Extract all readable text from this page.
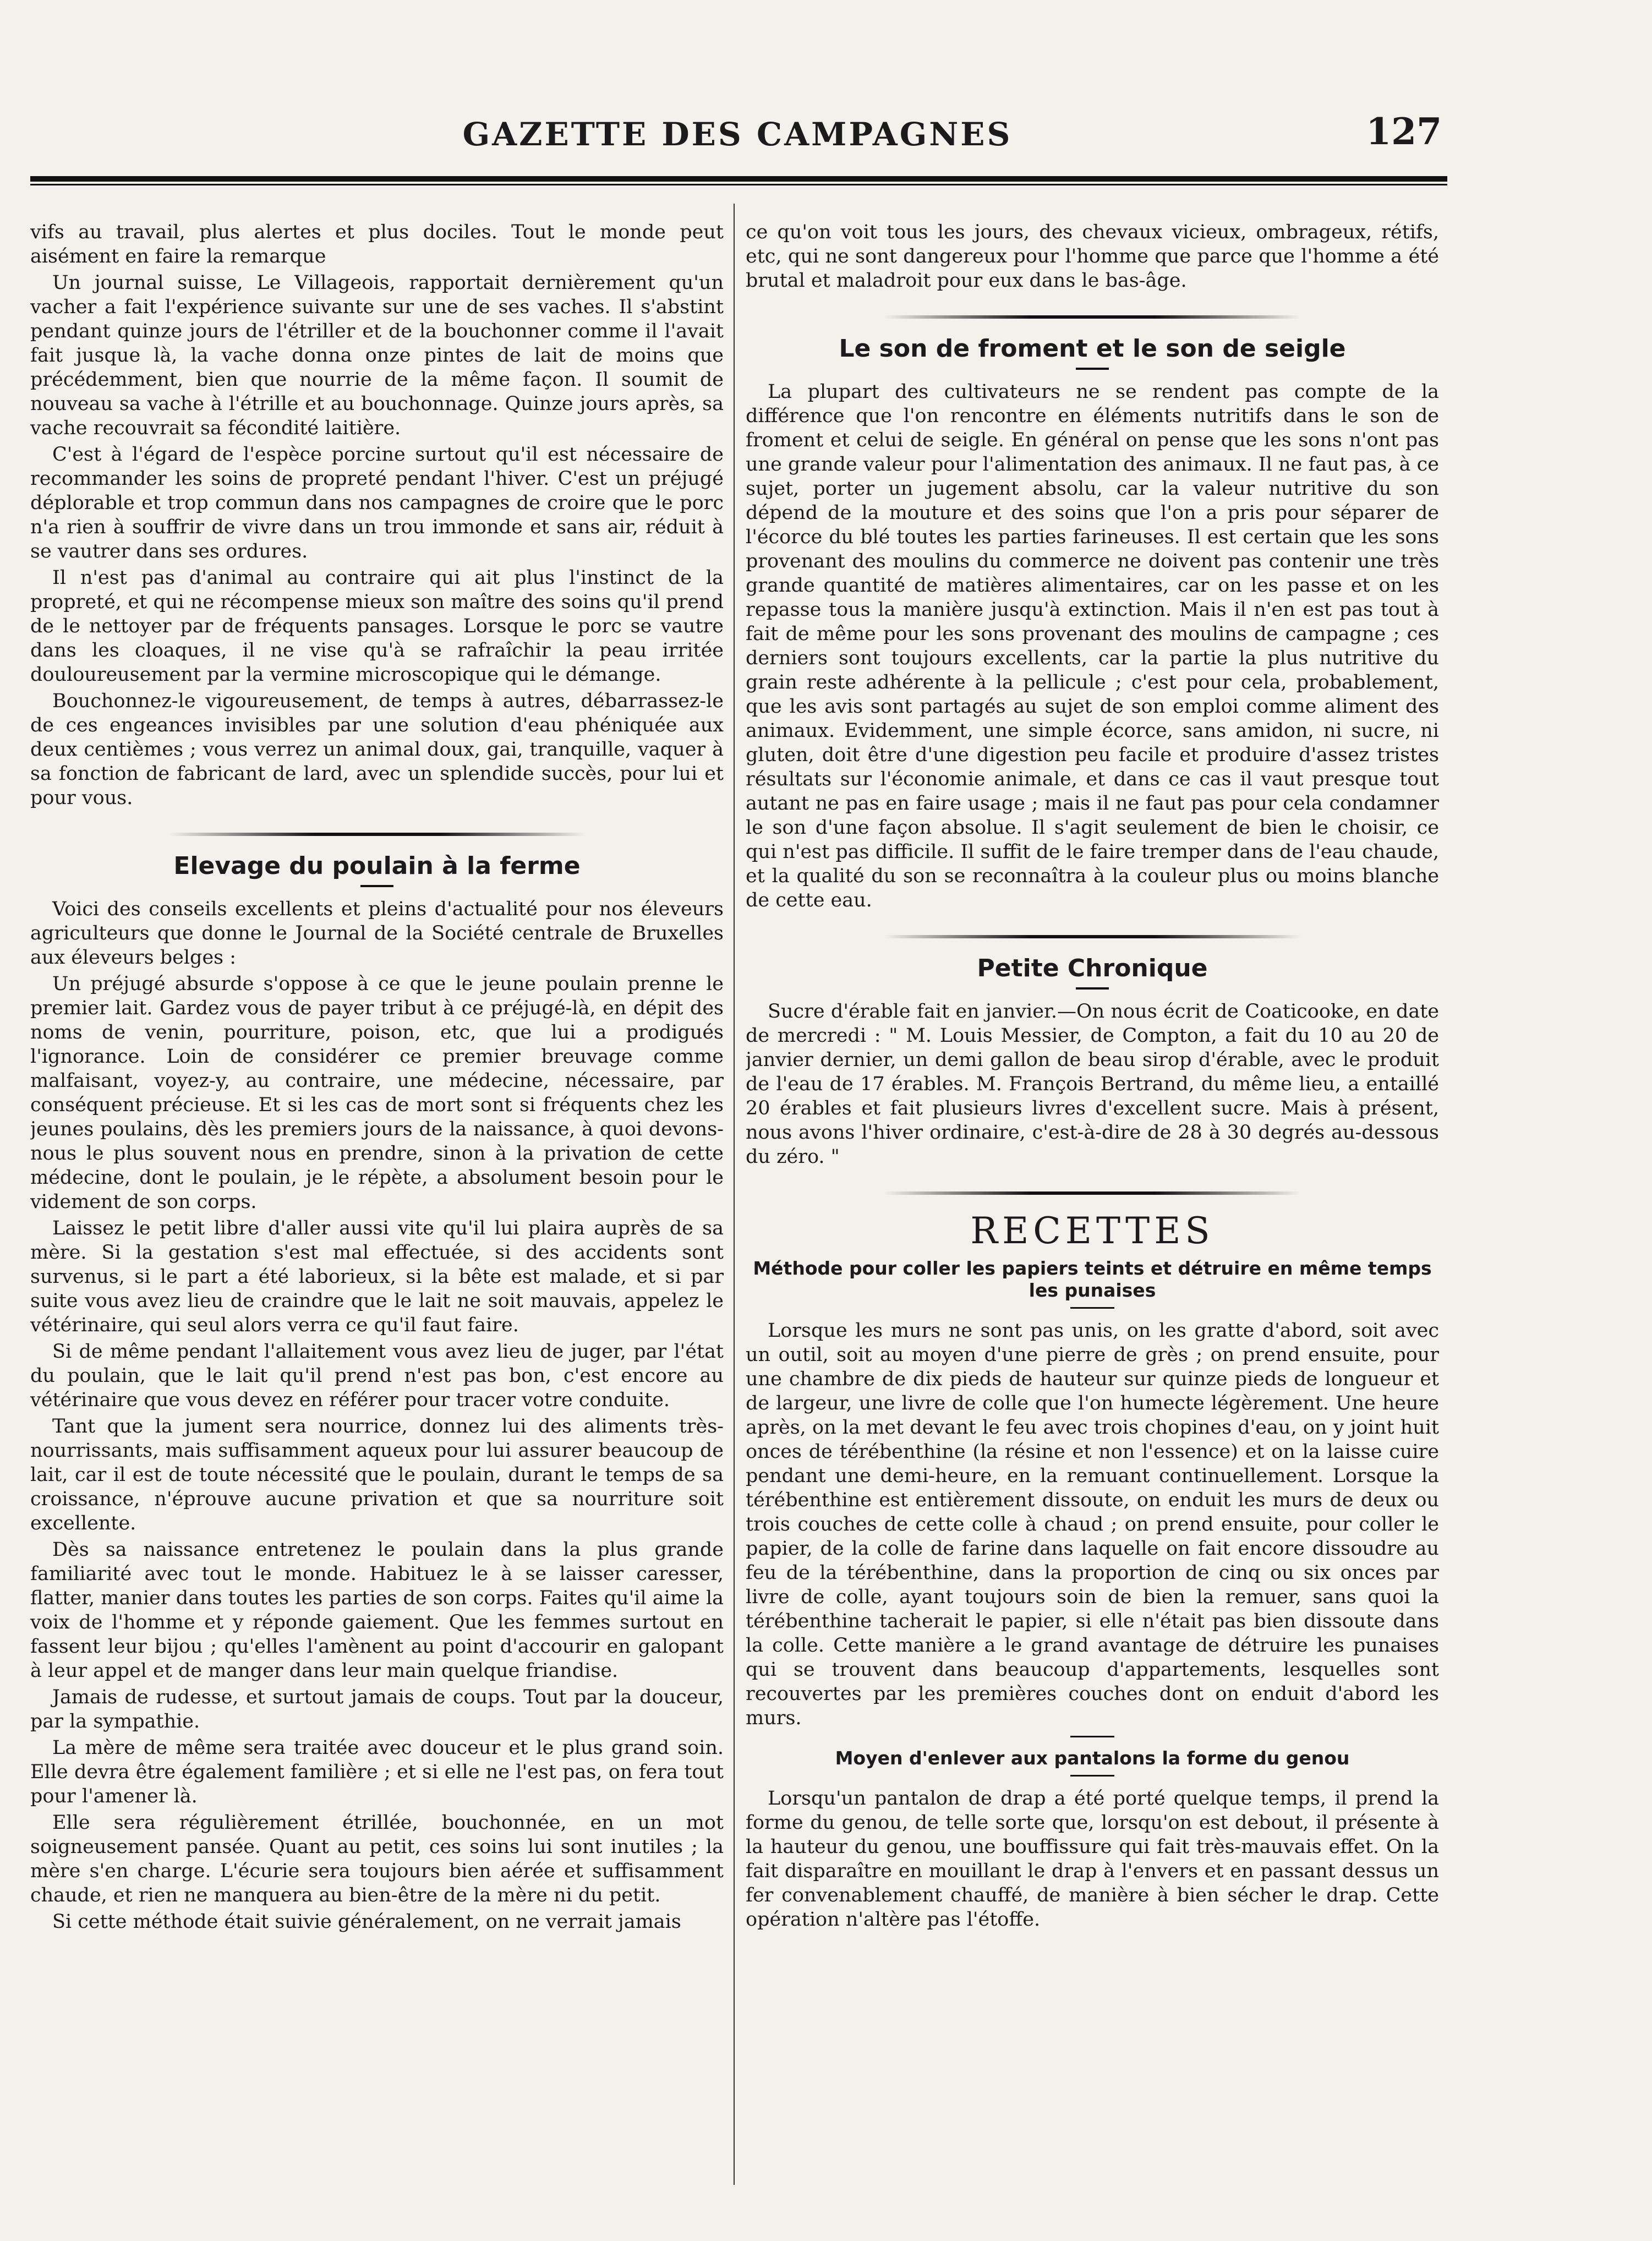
GAZETTE DES CAMPAGNES	127

vifs au travail, plus alertes et plus dociles. Tout le monde peut aisément en faire la remarque

Un journal suisse, Le Villageois, rapportait dernièrement qu'un vacher a fait l'expérience suivante sur une de ses vaches. Il s'abstint pendant quinze jours de l'étriller et de la bouchonner comme il l'avait fait jusque là, la vache donna onze pintes de lait de moins que précédemment, bien que nourrie de la même façon. Il soumit de nouveau sa vache à l'étrille et au bouchonnage. Quinze jours après, sa vache recouvrait sa fécondité laitière.

C'est à l'égard de l'espèce porcine surtout qu'il est nécessaire de recommander les soins de propreté pendant l'hiver. C'est un préjugé déplorable et trop commun dans nos campagnes de croire que le porc n'a rien à souffrir de vivre dans un trou immonde et sans air, réduit à se vautrer dans ses ordures.

Il n'est pas d'animal au contraire qui ait plus l'instinct de la propreté, et qui ne récompense mieux son maître des soins qu'il prend de le nettoyer par de fréquents pansages. Lorsque le porc se vautre dans les cloaques, il ne vise qu'à se rafraîchir la peau irritée douloureusement par la vermine microscopique qui le démange.

Bouchonnez-le vigoureusement, de temps à autres, débarrassez-le de ces engeances invisibles par une solution d'eau phéniquée aux deux centièmes ; vous verrez un animal doux, gai, tranquille, vaquer à sa fonction de fabricant de lard, avec un splendide succès, pour lui et pour vous.

Elevage du poulain à la ferme

Voici des conseils excellents et pleins d'actualité pour nos éleveurs agriculteurs que donne le Journal de la Société centrale de Bruxelles aux éleveurs belges :

Un préjugé absurde s'oppose à ce que le jeune poulain prenne le premier lait. Gardez vous de payer tribut à ce préjugé-là, en dépit des noms de venin, pourriture, poison, etc, que lui a prodigués l'ignorance. Loin de considérer ce premier breuvage comme malfaisant, voyez-y, au contraire, une médecine, nécessaire, par conséquent précieuse. Et si les cas de mort sont si fréquents chez les jeunes poulains, dès les premiers jours de la naissance, à quoi devons-nous le plus souvent nous en prendre, sinon à la privation de cette médecine, dont le poulain, je le répète, a absolument besoin pour le videment de son corps.

Laissez le petit libre d'aller aussi vite qu'il lui plaira auprès de sa mère. Si la gestation s'est mal effectuée, si des accidents sont survenus, si le part a été laborieux, si la bête est malade, et si par suite vous avez lieu de craindre que le lait ne soit mauvais, appelez le vétérinaire, qui seul alors verra ce qu'il faut faire.

Si de même pendant l'allaitement vous avez lieu de juger, par l'état du poulain, que le lait qu'il prend n'est pas bon, c'est encore au vétérinaire que vous devez en référer pour tracer votre conduite.

Tant que la jument sera nourrice, donnez lui des aliments très-nourrissants, mais suffisamment aqueux pour lui assurer beaucoup de lait, car il est de toute nécessité que le poulain, durant le temps de sa croissance, n'éprouve aucune privation et que sa nourriture soit excellente.

Dès sa naissance entretenez le poulain dans la plus grande familiarité avec tout le monde. Habituez le à se laisser caresser, flatter, manier dans toutes les parties de son corps. Faites qu'il aime la voix de l'homme et y réponde gaiement. Que les femmes surtout en fassent leur bijou ; qu'elles l'amènent au point d'accourir en galopant à leur appel et de manger dans leur main quelque friandise.

Jamais de rudesse, et surtout jamais de coups. Tout par la douceur, par la sympathie.

La mère de même sera traitée avec douceur et le plus grand soin. Elle devra être également familière ; et si elle ne l'est pas, on fera tout pour l'amener là.

Elle sera régulièrement étrillée, bouchonnée, en un mot soigneusement pansée. Quant au petit, ces soins lui sont inutiles ; la mère s'en charge. L'écurie sera toujours bien aérée et suffisamment chaude, et rien ne manquera au bien-être de la mère ni du petit.

Si cette méthode était suivie généralement, on ne verrait jamais

ce qu'on voit tous les jours, des chevaux vicieux, ombrageux, rétifs, etc, qui ne sont dangereux pour l'homme que parce que l'homme a été brutal et maladroit pour eux dans le bas-âge.

Le son de froment et le son de seigle

La plupart des cultivateurs ne se rendent pas compte de la différence que l'on rencontre en éléments nutritifs dans le son de froment et celui de seigle. En général on pense que les sons n'ont pas une grande valeur pour l'alimentation des animaux. Il ne faut pas, à ce sujet, porter un jugement absolu, car la valeur nutritive du son dépend de la mouture et des soins que l'on a pris pour séparer de l'écorce du blé toutes les parties farineuses. Il est certain que les sons provenant des moulins du commerce ne doivent pas contenir une très grande quantité de matières alimentaires, car on les passe et on les repasse tous la manière jusqu'à extinction. Mais il n'en est pas tout à fait de même pour les sons provenant des moulins de campagne ; ces derniers sont toujours excellents, car la partie la plus nutritive du grain reste adhérente à la pellicule ; c'est pour cela, probablement, que les avis sont partagés au sujet de son emploi comme aliment des animaux. Evidemment, une simple écorce, sans amidon, ni sucre, ni gluten, doit être d'une digestion peu facile et produire d'assez tristes résultats sur l'économie animale, et dans ce cas il vaut presque tout autant ne pas en faire usage ; mais il ne faut pas pour cela condamner le son d'une façon absolue. Il s'agit seulement de bien le choisir, ce qui n'est pas difficile. Il suffit de le faire tremper dans de l'eau chaude, et la qualité du son se reconnaîtra à la couleur plus ou moins blanche de cette eau.

Petite Chronique

Sucre d'érable fait en janvier.—On nous écrit de Coaticooke, en date de mercredi : " M. Louis Messier, de Compton, a fait du 10 au 20 de janvier dernier, un demi gallon de beau sirop d'érable, avec le produit de l'eau de 17 érables. M. François Bertrand, du même lieu, a entaillé 20 érables et fait plusieurs livres d'excellent sucre. Mais à présent, nous avons l'hiver ordinaire, c'est-à-dire de 28 à 30 degrés au-dessous du zéro. "

RECETTES
Méthode pour coller les papiers teints et détruire en même temps les punaises

Lorsque les murs ne sont pas unis, on les gratte d'abord, soit avec un outil, soit au moyen d'une pierre de grès ; on prend ensuite, pour une chambre de dix pieds de hauteur sur quinze pieds de longueur et de largeur, une livre de colle que l'on humecte légèrement. Une heure après, on la met devant le feu avec trois chopines d'eau, on y joint huit onces de térébenthine (la résine et non l'essence) et on la laisse cuire pendant une demi-heure, en la remuant continuellement. Lorsque la térébenthine est entièrement dissoute, on enduit les murs de deux ou trois couches de cette colle à chaud ; on prend ensuite, pour coller le papier, de la colle de farine dans laquelle on fait encore dissoudre au feu de la térébenthine, dans la proportion de cinq ou six onces par livre de colle, ayant toujours soin de bien la remuer, sans quoi la térébenthine tacherait le papier, si elle n'était pas bien dissoute dans la colle. Cette manière a le grand avantage de détruire les punaises qui se trouvent dans beaucoup d'appartements, lesquelles sont recouvertes par les premières couches dont on enduit d'abord les murs.

Moyen d'enlever aux pantalons la forme du genou

Lorsqu'un pantalon de drap a été porté quelque temps, il prend la forme du genou, de telle sorte que, lorsqu'on est debout, il présente à la hauteur du genou, une bouffissure qui fait très-mauvais effet. On la fait disparaître en mouillant le drap à l'envers et en passant dessus un fer convenablement chauffé, de manière à bien sécher le drap. Cette opération n'altère pas l'étoffe.
